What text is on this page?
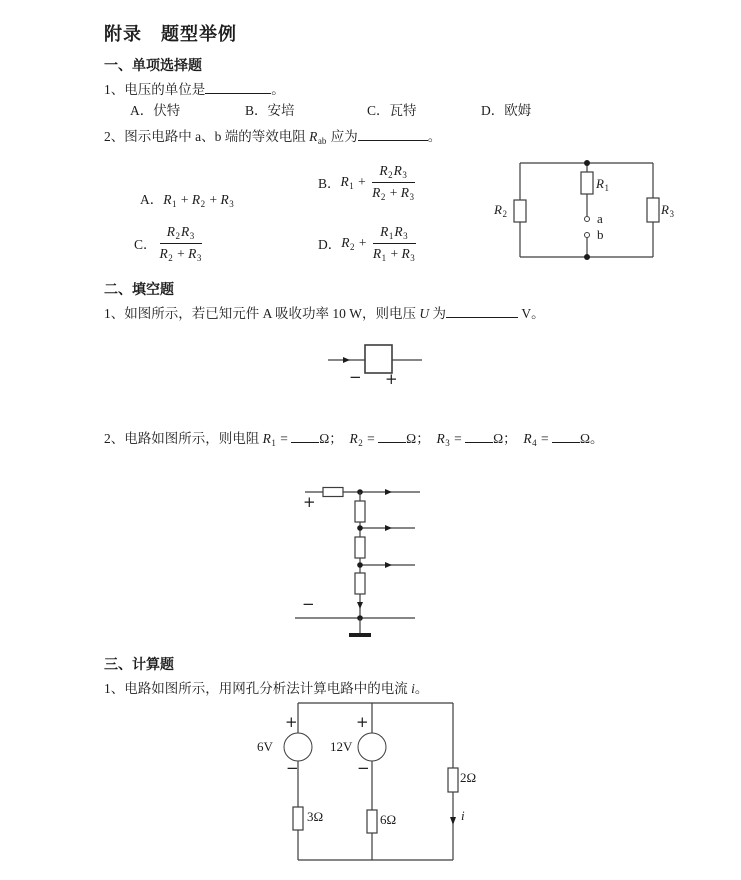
附录　题型举例
一、单项选择题
1、电压的单位是	。
A．伏特	B．安培	C．瓦特	D．欧姆
2、图示电路中 a、b 端的等效电阻 $R_{ab}$ 应为	。

A．$R_1 + R_2 + R_3$

B． $R_1 + \frac{R_2R_3}{R_2 + R_3}$
C． $\frac{R_2R_3}{R_2 + R_3}$	D． $R_2 + \frac{R_1R_3}{R_1 + R_3}$
$R_2$
$R_1$
$R_3$
a
b
二、填空题
1、如图所示，若已知元件 A 吸收功率 10 W，则电压 U 为	V。
− +
2、电路如图所示，则电阻 $R_1 = \Omega$；  $R_2 = \Omega$；  $R_3 = \Omega$；  $R_4 = \Omega$。
+
−
三、计算题
1、电路如图所示，用网孔分析法计算电路中的电流 i。
+
−
6V
+
−
12V
3Ω	6Ω
2Ω
i
